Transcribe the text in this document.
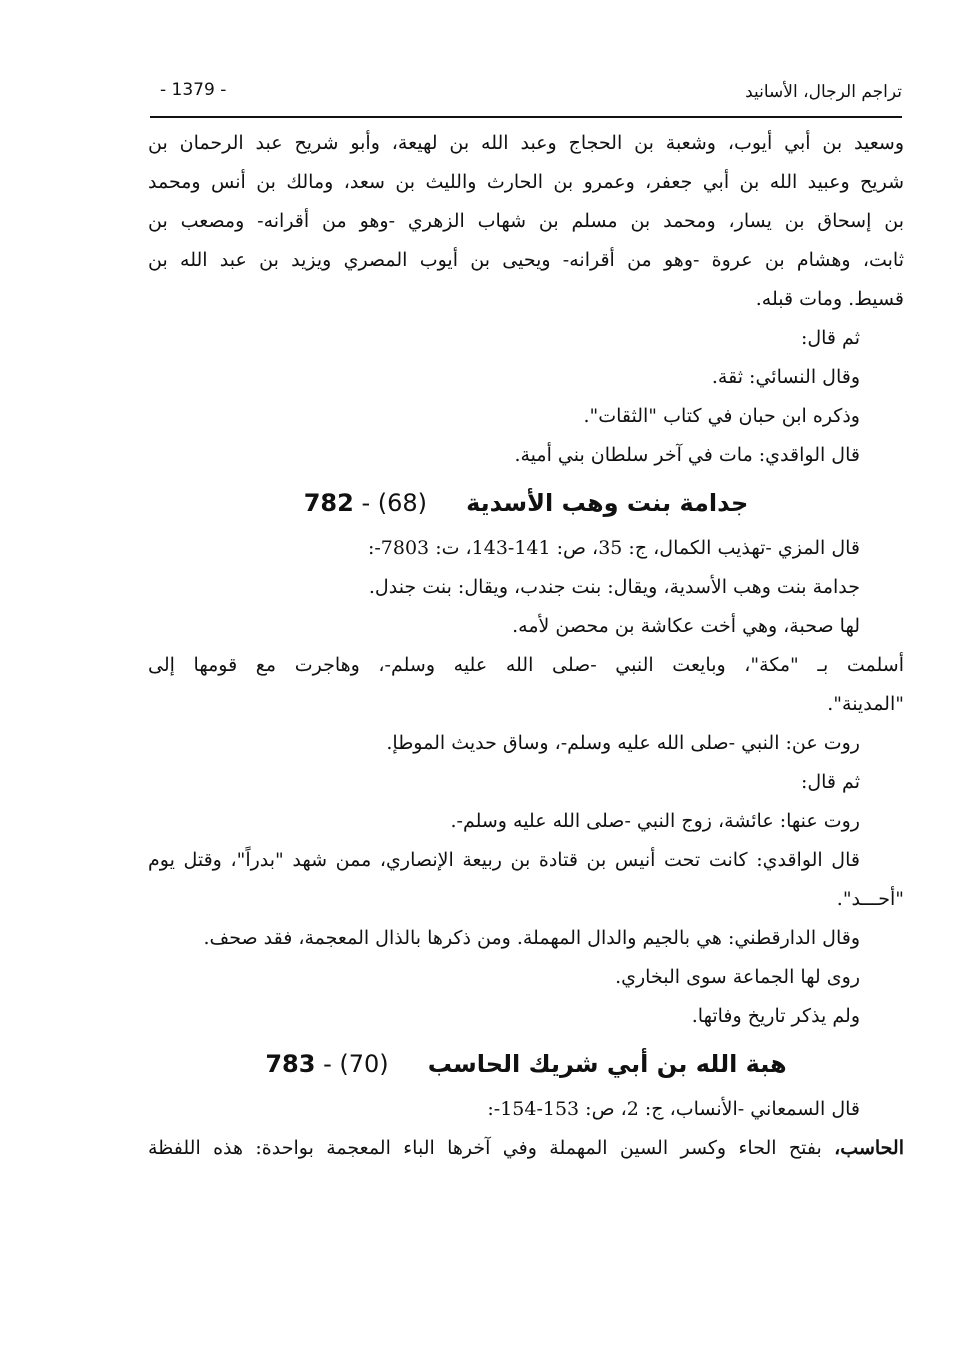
تراجم الرجال، الأسانيد
- 1379 -
وسعيد بن أبي أيوب، وشعبة بن الحجاج وعبد الله بن لهيعة، وأبو شريح عبد الرحمان بن
شريح وعبيد الله بن أبي جعفر، وعمرو بن الحارث والليث بن سعد، ومالك بن أنس ومحمد
بن إسحاق بن يسار، ومحمد بن مسلم بن شهاب الزهري -وهو من أقرانه- ومصعب بن
ثابت، وهشام بن عروة -وهو من أقرانه- ويحيى بن أيوب المصري ويزيد بن عبد الله بن
قسيط. ومات قبله.
ثم قال:
وقال النسائي: ثقة.
وذكره ابن حبان في كتاب "الثقات".
قال الواقدي: مات في آخر سلطان بني أمية.
جدامة بنت وهب الأسدية 782 - (68)
قال المزي -تهذيب الكمال، ج: 35، ص: 141-143، ت: 7803-:
جدامة بنت وهب الأسدية، ويقال: بنت جندب، ويقال: بنت جندل.
لها صحبة، وهي أخت عكاشة بن محصن لأمه.
أسلمت بـ "مكة"، وبايعت النبي -صلى الله عليه وسلم-، وهاجرت مع قومها إلى
"المدينة".
روت عن: النبي -صلى الله عليه وسلم-، وساق حديث الموطإ.
ثم قال:
روت عنها: عائشة، زوج النبي -صلى الله عليه وسلم-.
قال الواقدي: كانت تحت أنيس بن قتادة بن ربيعة الإنصاري، ممن شهد "بدراً"، وقتل يوم
"أحـــد".
وقال الدارقطني: هي بالجيم والدال المهملة. ومن ذكرها بالذال المعجمة، فقد صحف.
روى لها الجماعة سوى البخاري.
ولم يذكر تاريخ وفاتها.
هبة الله بن أبي شريك الحاسب 783 - (70)
قال السمعاني -الأنساب، ج: 2، ص: 153-154-:
الحاسب، بفتح الحاء وكسر السين المهملة وفي آخرها الباء المعجمة بواحدة: هذه اللفظة
